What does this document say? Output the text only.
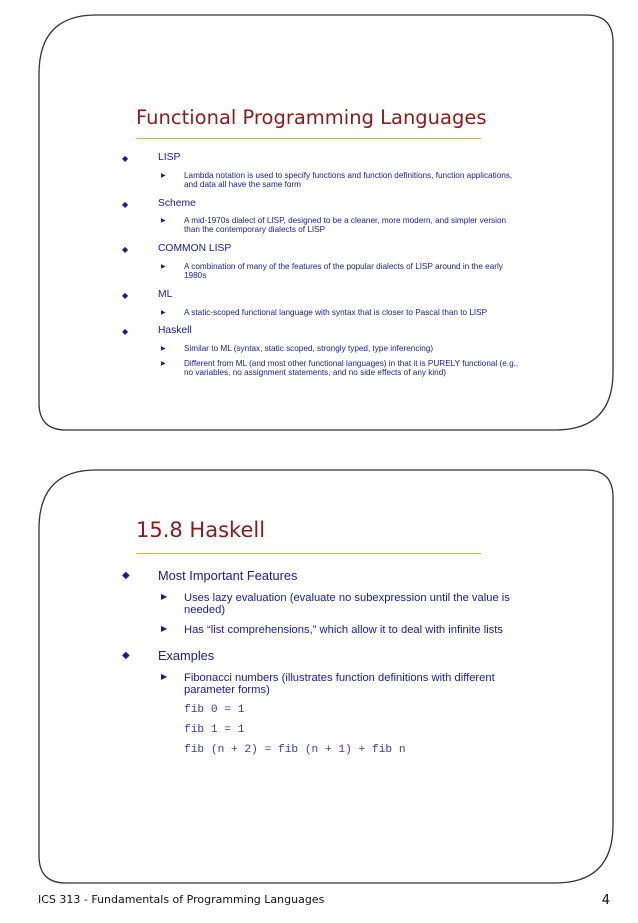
Functional Programming Languages
◆	LISP
▶ Lambda notation is used to specify functions and function definitions, function applications, and data all have the same form
◆	Scheme
▶ A mid-1970s dialect of LISP, designed to be a cleaner, more modern, and simpler version than the contemporary dialects of LISP
◆	COMMON LISP
▶ A combination of many of the features of the popular dialects of LISP around in the early 1980s
◆	ML
▶ A static-scoped functional language with syntax that is closer to Pascal than to LISP
◆	Haskell
▶ Similar to ML (syntax, static scoped, strongly typed, type inferencing)
▶ Different from ML (and most other functional languages) in that it is PURELY functional (e.g., no variables, no assignment statements, and no side effects of any kind)
15.8 Haskell
◆ Most Important Features
▶ Uses lazy evaluation (evaluate no subexpression until the value is needed)
▶ Has “list comprehensions,” which allow it to deal with infinite lists
◆ Examples
▶ Fibonacci numbers (illustrates function definitions with different parameter forms)
fib 0 = 1
fib 1 = 1
fib (n + 2) = fib (n + 1) + fib n
ICS 313 - Fundamentals of Programming Languages	4
